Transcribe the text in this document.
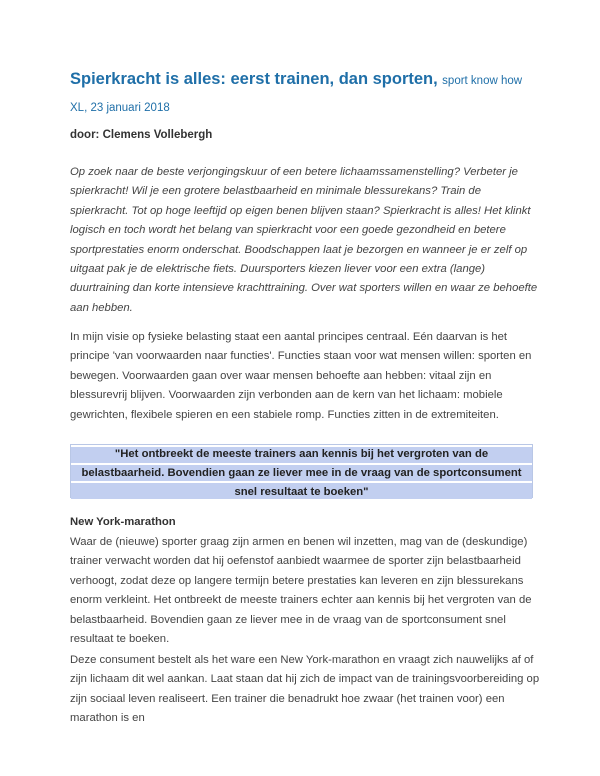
Spierkracht is alles: eerst trainen, dan sporten, sport know how XL, 23 januari 2018
door: Clemens Vollebergh

Op zoek naar de beste verjongingskuur of een betere lichaamssamenstelling? Verbeter je spierkracht! Wil je een grotere belastbaarheid en minimale blessurekans? Train de spierkracht. Tot op hoge leeftijd op eigen benen blijven staan? Spierkracht is alles! Het klinkt logisch en toch wordt het belang van spierkracht voor een goede gezondheid en betere sportprestaties enorm onderschat. Boodschappen laat je bezorgen en wanneer je er zelf op uitgaat pak je de elektrische fiets. Duursporters kiezen liever voor een extra (lange) duurtraining dan korte intensieve krachttraining. Over wat sporters willen en waar ze behoefte aan hebben.

In mijn visie op fysieke belasting staat een aantal principes centraal. Eén daarvan is het principe 'van voorwaarden naar functies'. Functies staan voor wat mensen willen: sporten en bewegen. Voorwaarden gaan over waar mensen behoefte aan hebben: vitaal zijn en blessurevrij blijven. Voorwaarden zijn verbonden aan de kern van het lichaam: mobiele gewrichten, flexibele spieren en een stabiele romp. Functies zitten in de extremiteiten.

"Het ontbreekt de meeste trainers aan kennis bij het vergroten van de belastbaarheid. Bovendien gaan ze liever mee in de vraag van de sportconsument snel resultaat te boeken"

New York-marathon

Waar de (nieuwe) sporter graag zijn armen en benen wil inzetten, mag van de (deskundige) trainer verwacht worden dat hij oefenstof aanbiedt waarmee de sporter zijn belastbaarheid verhoogt, zodat deze op langere termijn betere prestaties kan leveren en zijn blessurekans enorm verkleint. Het ontbreekt de meeste trainers echter aan kennis bij het vergroten van de belastbaarheid. Bovendien gaan ze liever mee in de vraag van de sportconsument snel resultaat te boeken.

Deze consument bestelt als het ware een New York-marathon en vraagt zich nauwelijks af of zijn lichaam dit wel aankan. Laat staan dat hij zich de impact van de trainingsvoorbereiding op zijn sociaal leven realiseert. Een trainer die benadrukt hoe zwaar (het trainen voor) een marathon is en
